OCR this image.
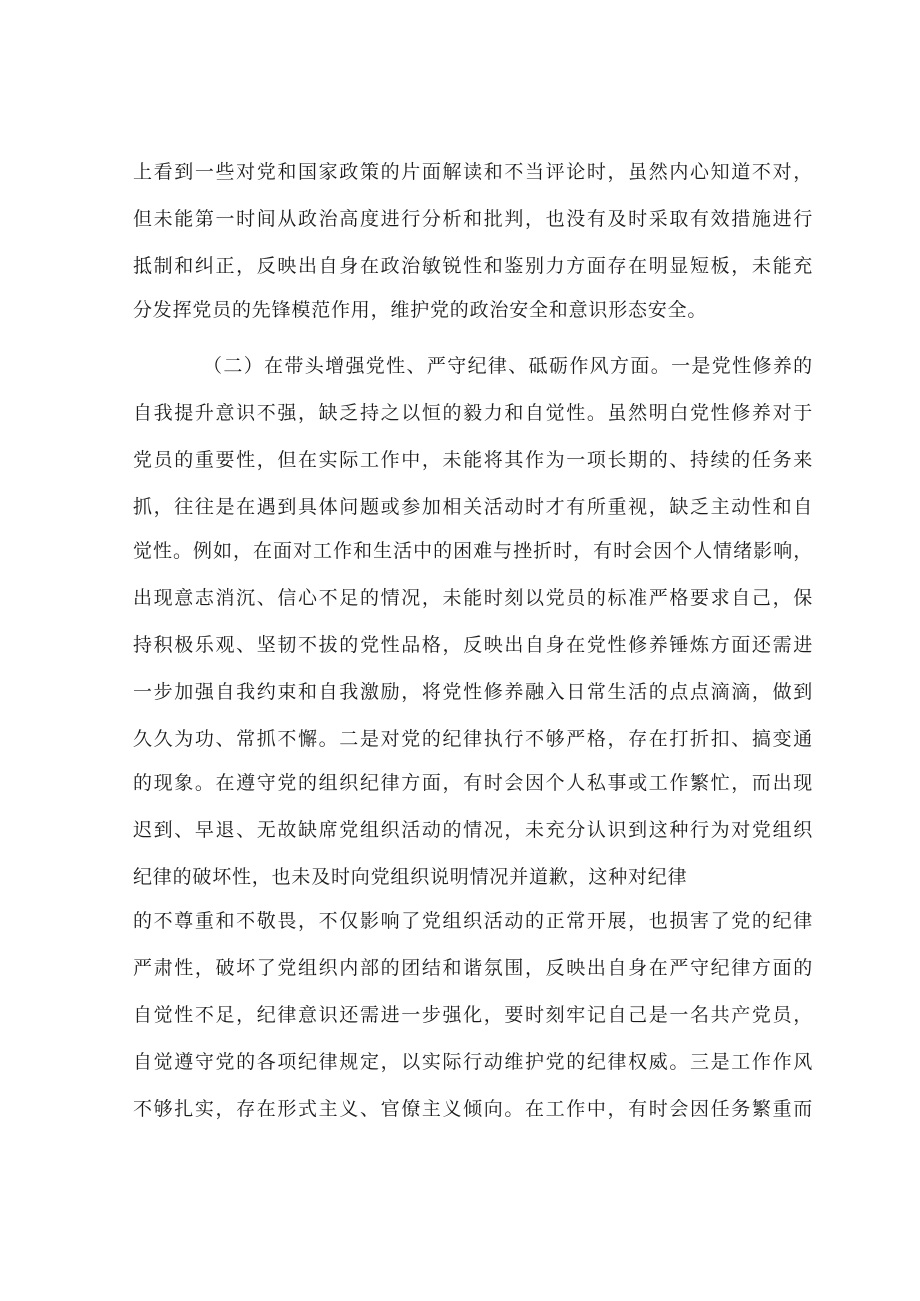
上看到一些对党和国家政策的片面解读和不当评论时，虽然内心知道不对，
但未能第一时间从政治高度进行分析和批判，也没有及时采取有效措施进行
抵制和纠正，反映出自身在政治敏锐性和鉴别力方面存在明显短板，未能充
分发挥党员的先锋模范作用，维护党的政治安全和意识形态安全。
（二）在带头增强党性、严守纪律、砥砺作风方面。一是党性修养的
自我提升意识不强，缺乏持之以恒的毅力和自觉性。虽然明白党性修养对于
党员的重要性，但在实际工作中，未能将其作为一项长期的、持续的任务来
抓，往往是在遇到具体问题或参加相关活动时才有所重视，缺乏主动性和自
觉性。例如，在面对工作和生活中的困难与挫折时，有时会因个人情绪影响，
出现意志消沉、信心不足的情况，未能时刻以党员的标准严格要求自己，保
持积极乐观、坚韧不拔的党性品格，反映出自身在党性修养锤炼方面还需进
一步加强自我约束和自我激励，将党性修养融入日常生活的点点滴滴，做到
久久为功、常抓不懈。二是对党的纪律执行不够严格，存在打折扣、搞变通
的现象。在遵守党的组织纪律方面，有时会因个人私事或工作繁忙，而出现
迟到、早退、无故缺席党组织活动的情况，未充分认识到这种行为对党组织
纪律的破坏性，也未及时向党组织说明情况并道歉，这种对纪律
的不尊重和不敬畏，不仅影响了党组织活动的正常开展，也损害了党的纪律
严肃性，破坏了党组织内部的团结和谐氛围，反映出自身在严守纪律方面的
自觉性不足，纪律意识还需进一步强化，要时刻牢记自己是一名共产党员，
自觉遵守党的各项纪律规定，以实际行动维护党的纪律权威。三是工作作风
不够扎实，存在形式主义、官僚主义倾向。在工作中，有时会因任务繁重而
